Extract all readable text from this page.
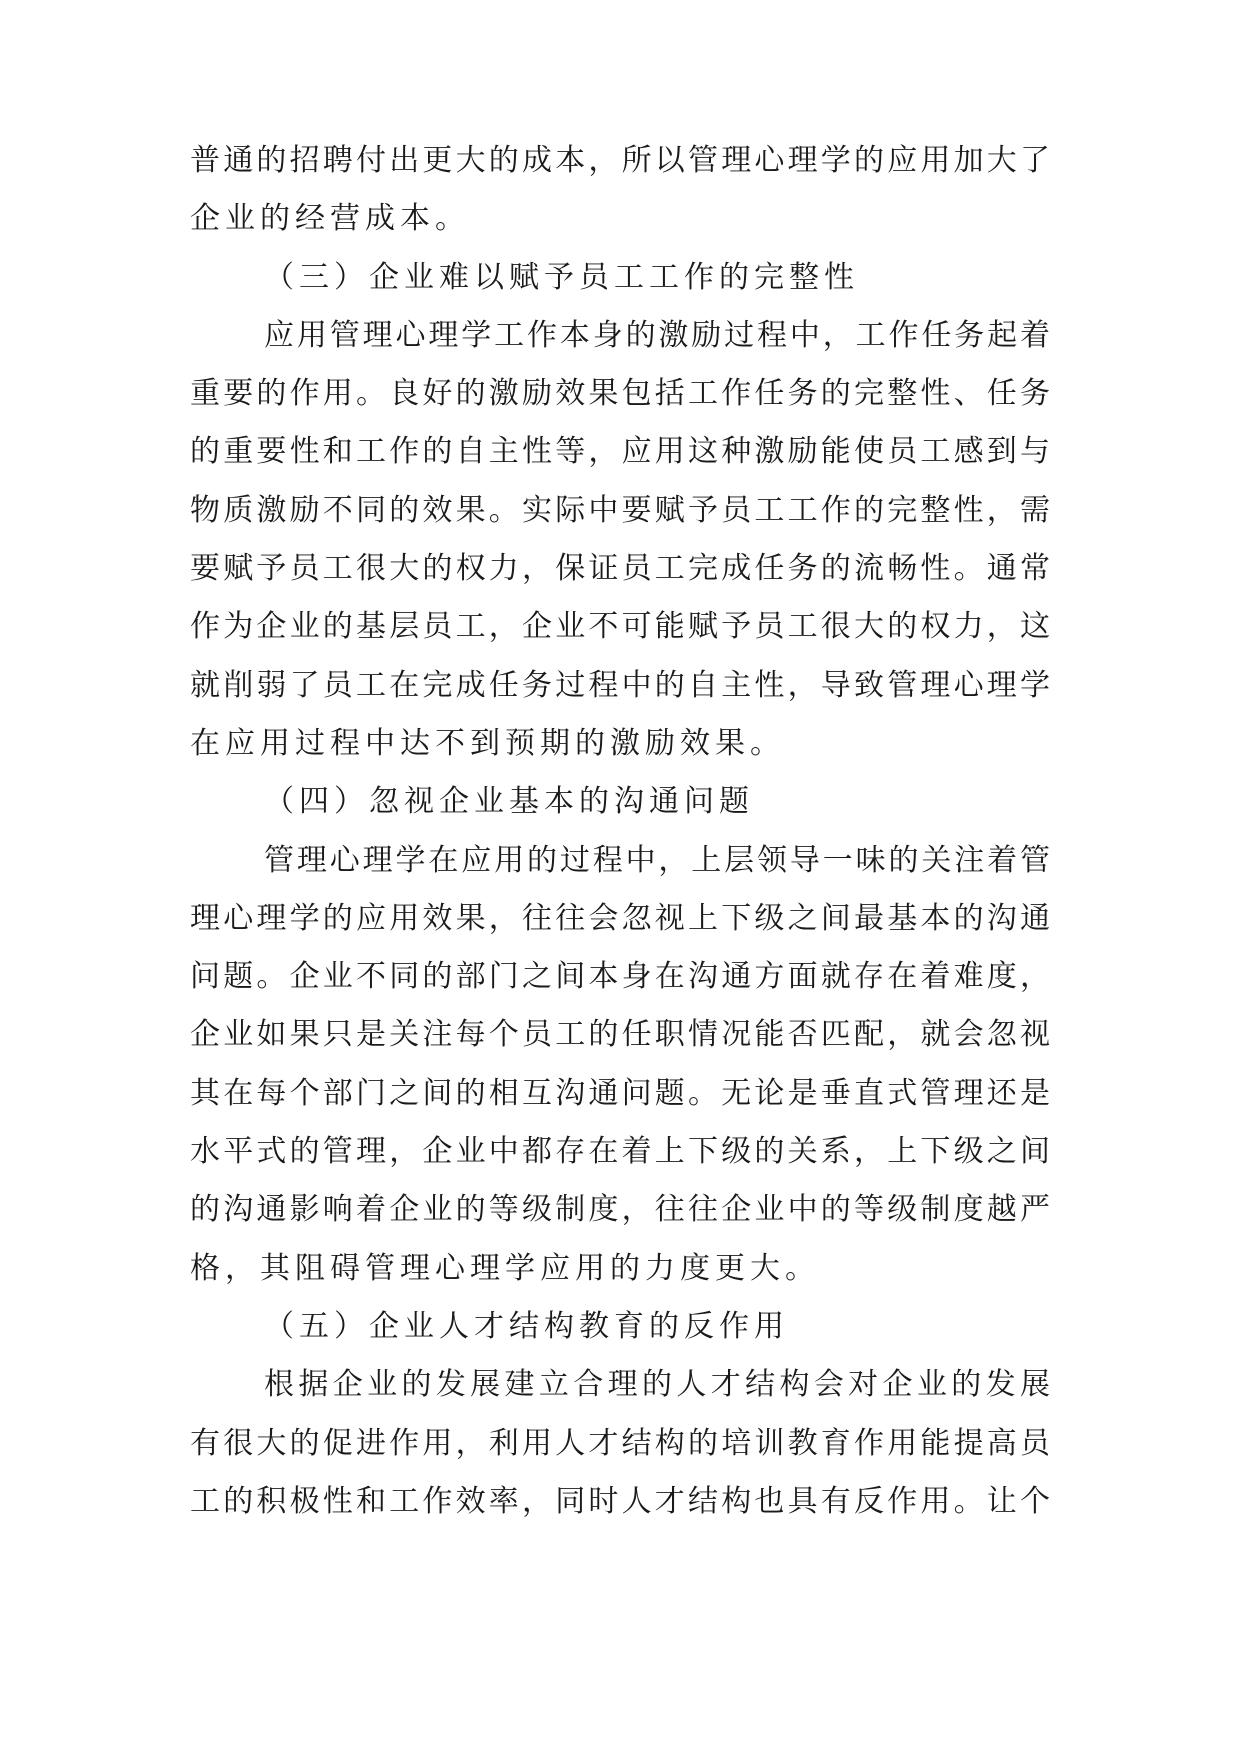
普通的招聘付出更大的成本，所以管理心理学的应用加大了
企业的经营成本。
（三）企业难以赋予员工工作的完整性
应用管理心理学工作本身的激励过程中，工作任务起着
重要的作用。良好的激励效果包括工作任务的完整性、任务
的重要性和工作的自主性等，应用这种激励能使员工感到与
物质激励不同的效果。实际中要赋予员工工作的完整性，需
要赋予员工很大的权力，保证员工完成任务的流畅性。通常
作为企业的基层员工，企业不可能赋予员工很大的权力，这
就削弱了员工在完成任务过程中的自主性，导致管理心理学
在应用过程中达不到预期的激励效果。
（四）忽视企业基本的沟通问题
管理心理学在应用的过程中，上层领导一味的关注着管
理心理学的应用效果，往往会忽视上下级之间最基本的沟通
问题。企业不同的部门之间本身在沟通方面就存在着难度，
企业如果只是关注每个员工的任职情况能否匹配，就会忽视
其在每个部门之间的相互沟通问题。无论是垂直式管理还是
水平式的管理，企业中都存在着上下级的关系，上下级之间
的沟通影响着企业的等级制度，往往企业中的等级制度越严
格，其阻碍管理心理学应用的力度更大。
（五）企业人才结构教育的反作用
根据企业的发展建立合理的人才结构会对企业的发展
有很大的促进作用，利用人才结构的培训教育作用能提高员
工的积极性和工作效率，同时人才结构也具有反作用。让个
